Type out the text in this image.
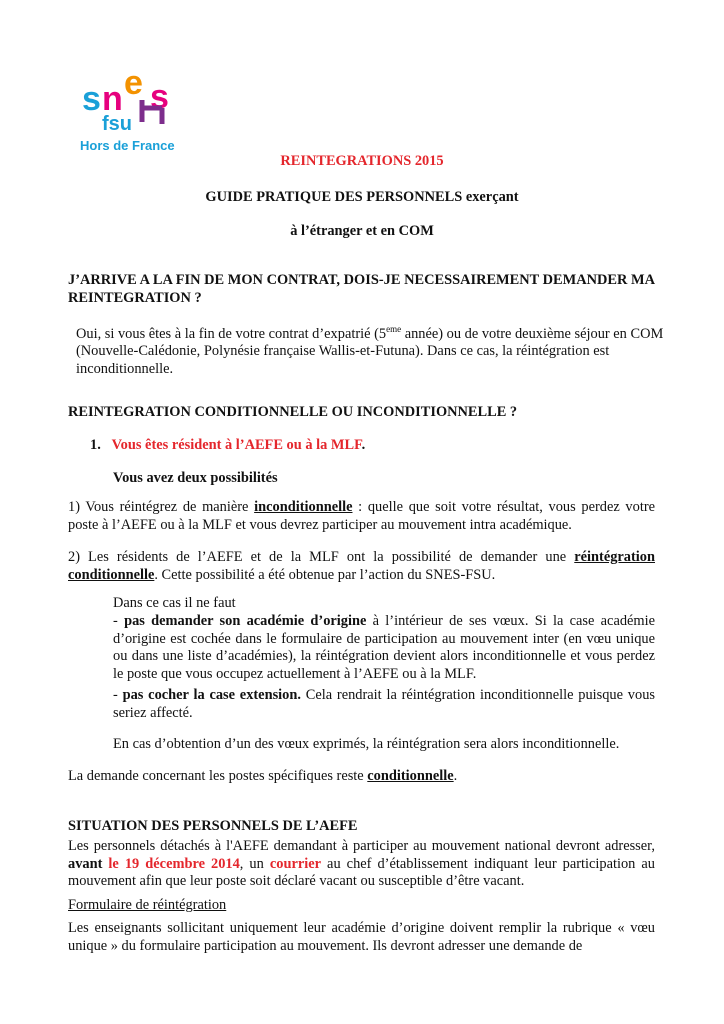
s n e s
fsu
Hors de France
REINTEGRATIONS 2015
GUIDE PRATIQUE DES PERSONNELS exerçant
à l’étranger et en COM

J’ARRIVE A LA FIN DE MON CONTRAT, DOIS-JE NECESSAIREMENT DEMANDER MA REINTEGRATION ?

Oui, si vous êtes à la fin de votre contrat d’expatrié (5eme année) ou de votre deuxième séjour en COM (Nouvelle-Calédonie, Polynésie française Wallis-et-Futuna). Dans ce cas, la réintégration est inconditionnelle.

REINTEGRATION CONDITIONNELLE OU INCONDITIONNELLE ?

1. Vous êtes résident à l’AEFE ou à la MLF.

Vous avez deux possibilités

1) Vous réintégrez de manière inconditionnelle : quelle que soit votre résultat, vous perdez votre poste à l’AEFE ou à la MLF et vous devrez participer au mouvement intra académique.

2) Les résidents de l’AEFE et de la MLF ont la possibilité de demander une réintégration conditionnelle. Cette possibilité a été obtenue par l’action du SNES-FSU.

Dans ce cas il ne faut

- pas demander son académie d’origine à l’intérieur de ses vœux. Si la case académie d’origine est cochée dans le formulaire de participation au mouvement inter (en vœu unique ou dans une liste d’académies), la réintégration devient alors inconditionnelle et vous perdez le poste que vous occupez actuellement à l’AEFE ou à la MLF.

- pas cocher la case extension. Cela rendrait la réintégration inconditionnelle puisque vous seriez affecté.

En cas d’obtention d’un des vœux exprimés, la réintégration sera alors inconditionnelle.

La demande concernant les postes spécifiques reste conditionnelle.

SITUATION DES PERSONNELS DE L’AEFE

Les personnels détachés à l'AEFE demandant à participer au mouvement national devront adresser, avant le 19 décembre 2014, un courrier au chef d’établissement indiquant leur participation au mouvement afin que leur poste soit déclaré vacant ou susceptible d’être vacant.

Formulaire de réintégration

Les enseignants sollicitant uniquement leur académie d’origine doivent remplir la rubrique « vœu unique » du formulaire participation au mouvement. Ils devront adresser une demande de
